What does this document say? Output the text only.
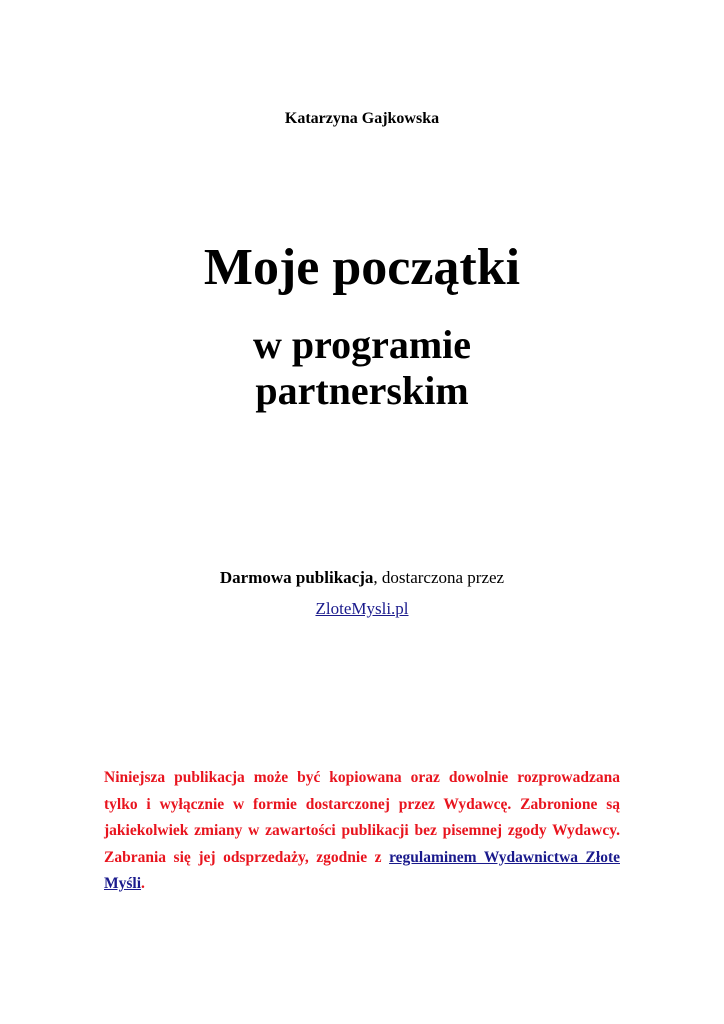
Katarzyna Gajkowska
Moje początki
w programie
partnerskim
Darmowa publikacja, dostarczona przez
ZloteMysli.pl
Niniejsza publikacja może być kopiowana oraz dowolnie rozprowadzana tylko i wyłącznie w formie dostarczonej przez Wydawcę. Zabronione są jakiekolwiek zmiany w zawartości publikacji bez pisemnej zgody Wydawcy. Zabrania się jej odsprzedaży, zgodnie z regulaminem Wydawnictwa Złote Myśli.
